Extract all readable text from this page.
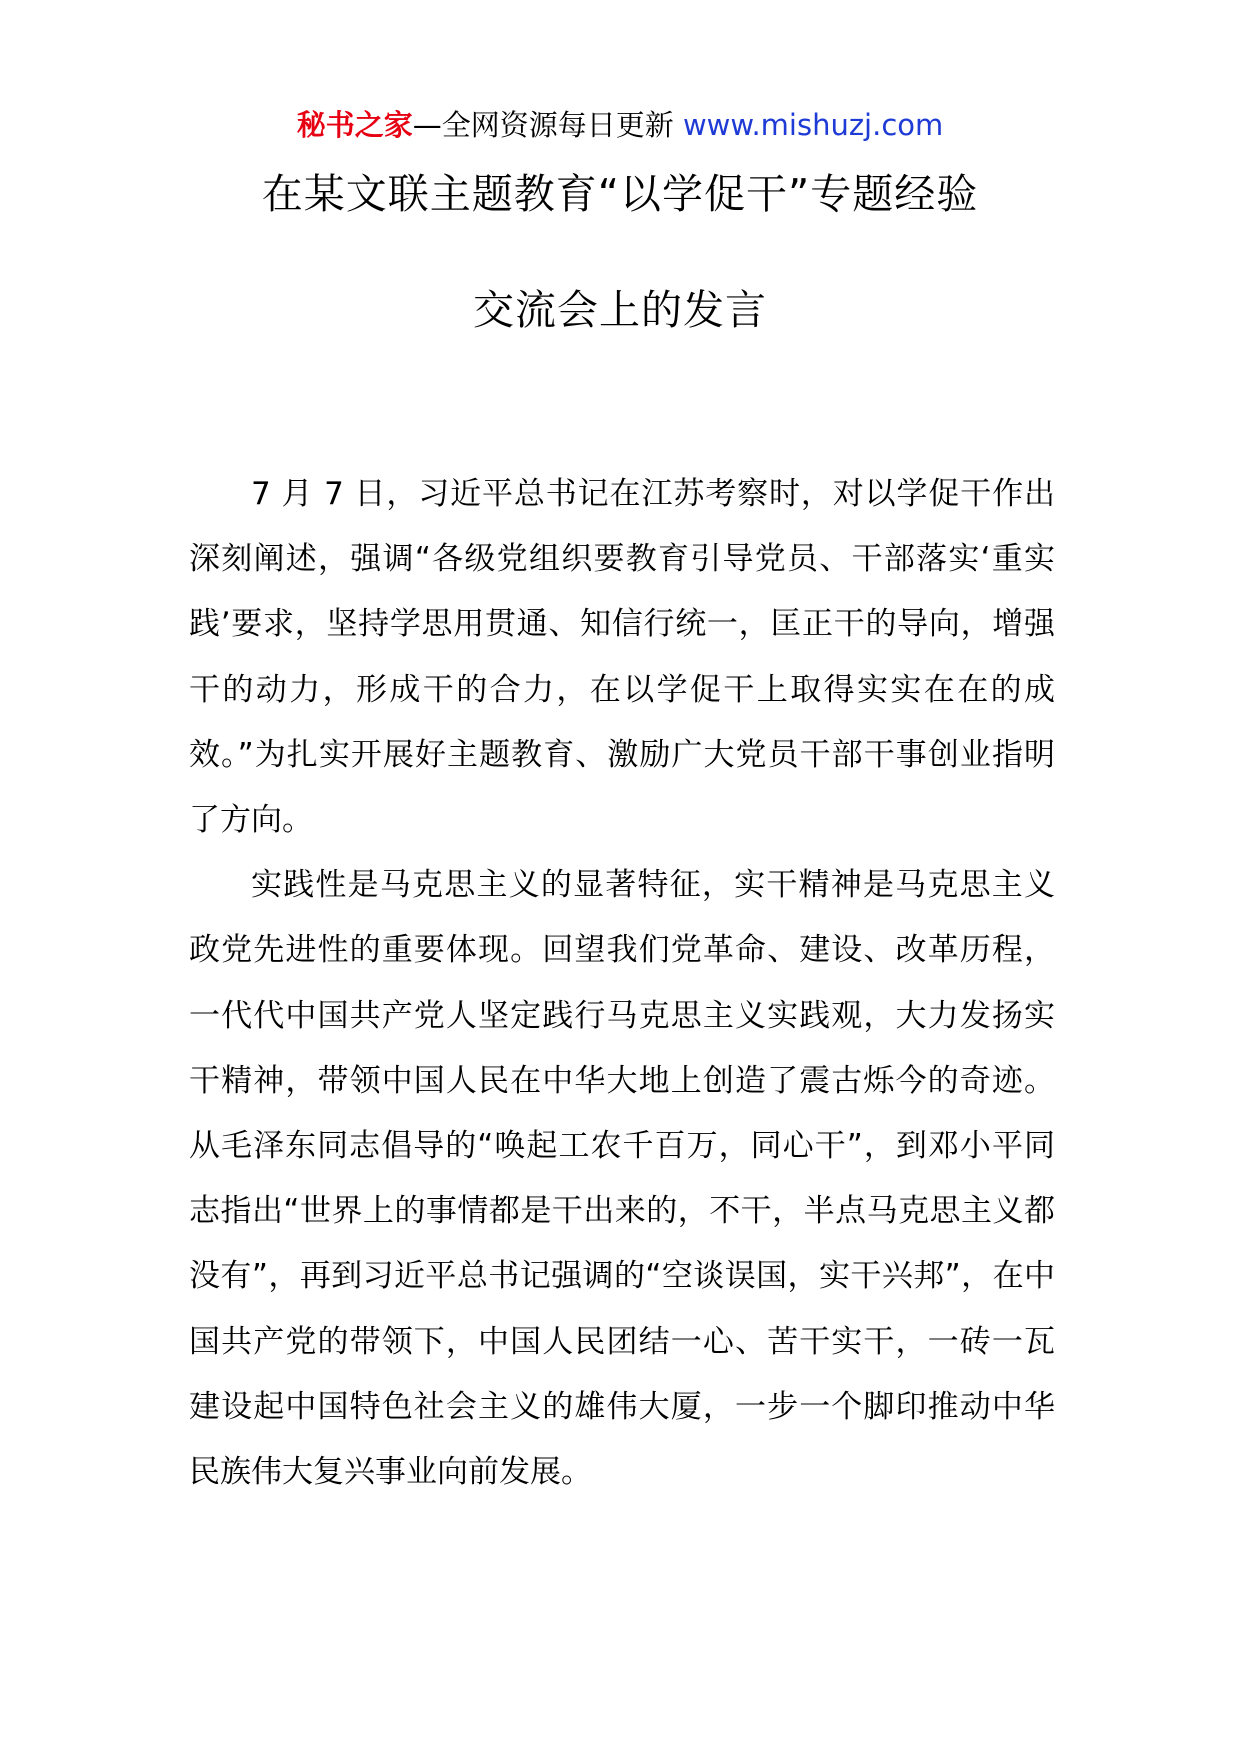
秘书之家—全网资源每日更新 www.mishuzj.com
在某文联主题教育“以学促干”专题经验
交流会上的发言

7 月 7 日，习近平总书记在江苏考察时，对以学促干作出深刻阐述，强调“各级党组织要教育引导党员、干部落实‘重实践’要求，坚持学思用贯通、知信行统一，匡正干的导向，增强干的动力，形成干的合力，在以学促干上取得实实在在的成效。”为扎实开展好主题教育、激励广大党员干部干事创业指明了方向。

实践性是马克思主义的显著特征，实干精神是马克思主义政党先进性的重要体现。回望我们党革命、建设、改革历程，一代代中国共产党人坚定践行马克思主义实践观，大力发扬实干精神，带领中国人民在中华大地上创造了震古烁今的奇迹。从毛泽东同志倡导的“唤起工农千百万，同心干”，到邓小平同志指出“世界上的事情都是干出来的，不干，半点马克思主义都没有”，再到习近平总书记强调的“空谈误国，实干兴邦”，在中国共产党的带领下，中国人民团结一心、苦干实干，一砖一瓦建设起中国特色社会主义的雄伟大厦，一步一个脚印推动中华民族伟大复兴事业向前发展。
